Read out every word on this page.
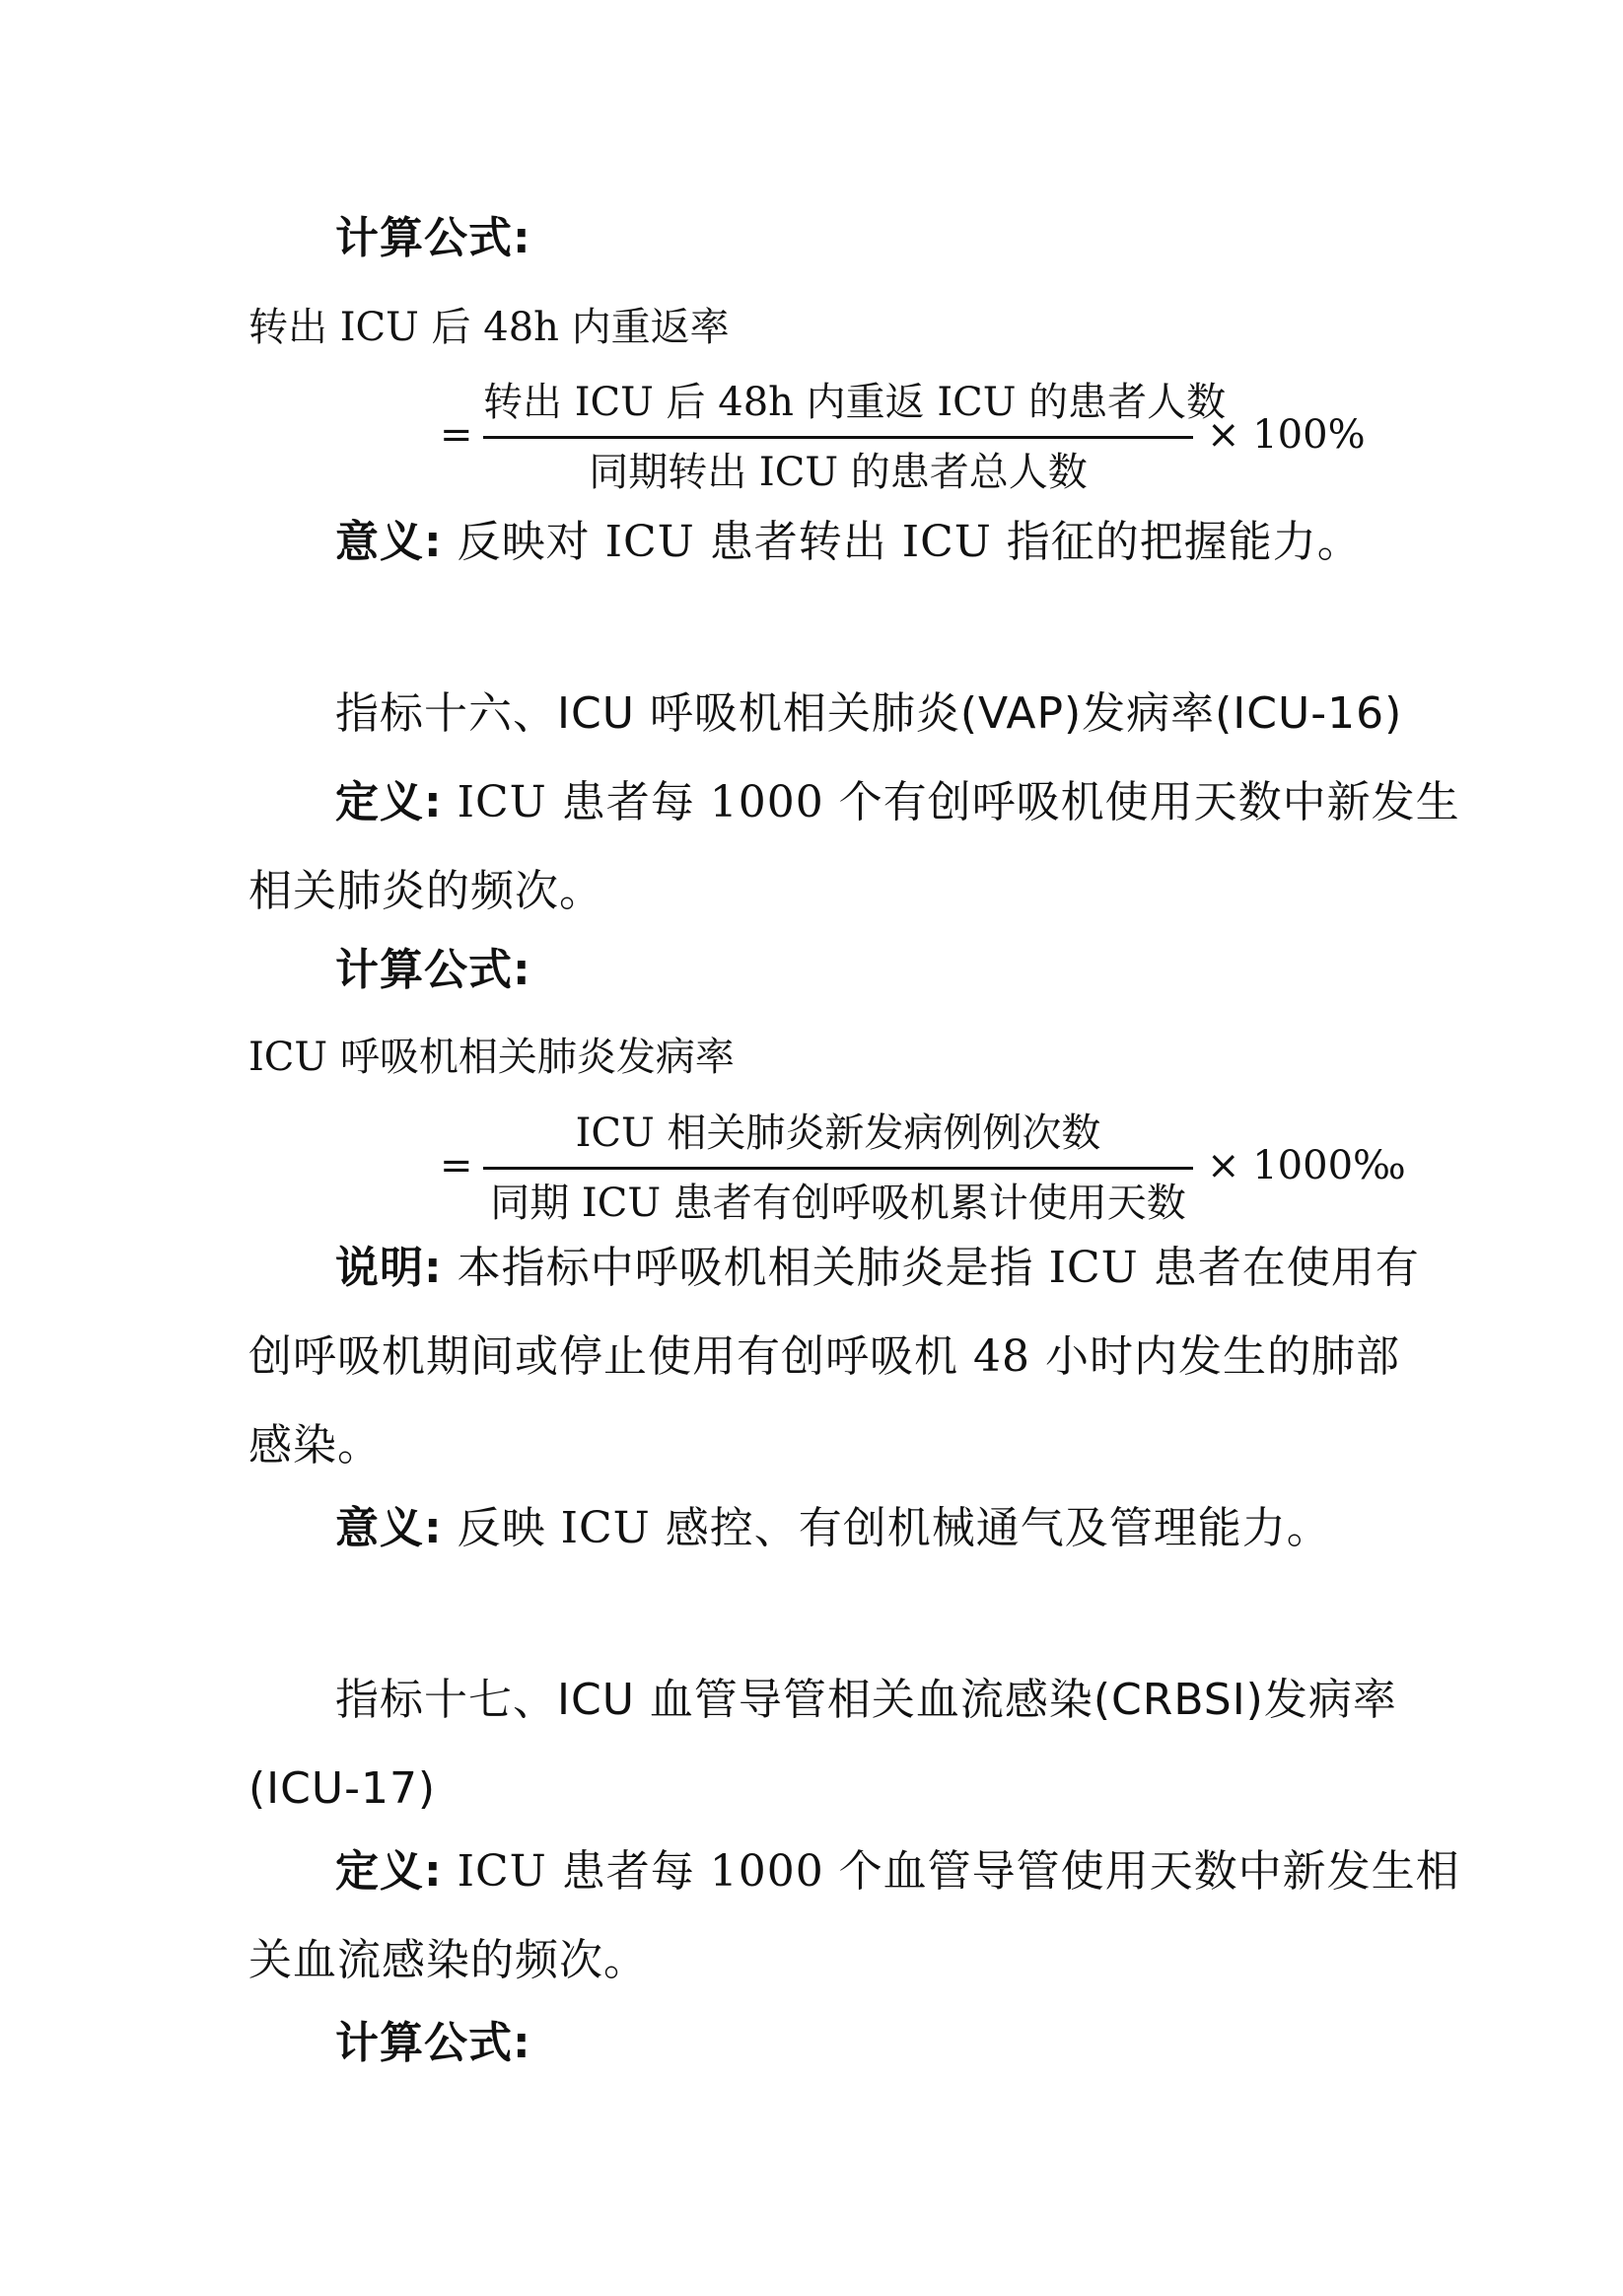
计算公式:
转出 ICU 后 48h 内重返率
=
转出 ICU 后 48h 内重返 ICU 的患者人数
同期转出 ICU 的患者总人数
× 100%
意义: 反映对 ICU 患者转出 ICU 指征的把握能力。
指标十六、ICU 呼吸机相关肺炎(VAP)发病率(ICU-16)
定义: ICU 患者每 1000 个有创呼吸机使用天数中新发生
相关肺炎的频次。
计算公式:
ICU 呼吸机相关肺炎发病率
=
ICU 相关肺炎新发病例例次数
同期 ICU 患者有创呼吸机累计使用天数
× 1000‰
说明: 本指标中呼吸机相关肺炎是指 ICU 患者在使用有
创呼吸机期间或停止使用有创呼吸机 48 小时内发生的肺部
感染。
意义: 反映 ICU 感控、有创机械通气及管理能力。
指标十七、ICU 血管导管相关血流感染(CRBSI)发病率
(ICU-17)
定义: ICU 患者每 1000 个血管导管使用天数中新发生相
关血流感染的频次。
计算公式:
